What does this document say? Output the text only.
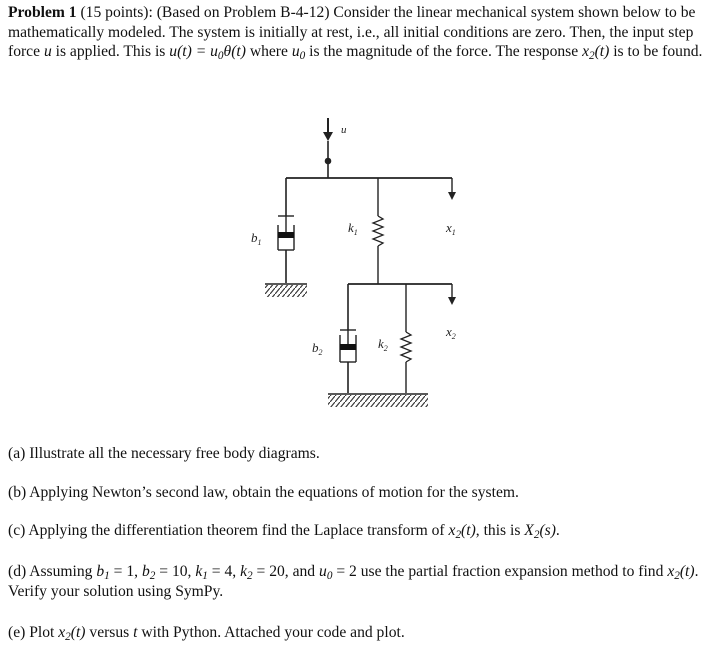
Problem 1 (15 points): (Based on Problem B-4-12) Consider the linear mechanical system shown below to be mathematically modeled. The system is initially at rest, i.e., all initial conditions are zero. Then, the input step force u is applied. This is $u(t) = u_0\theta(t)$ where $u_0$ is the magnitude of the force. The response $x_2(t)$ is to be found.
u
$x_1$
$b_1$
$k_1$
$x_2$
$b_2$
$k_2$
(a) Illustrate all the necessary free body diagrams.
(b) Applying Newton’s second law, obtain the equations of motion for the system.
(c) Applying the differentiation theorem find the Laplace transform of $x_2(t)$, this is $X_2(s)$.
(d) Assuming $b_1 = 1$, $b_2 = 10$, $k_1 = 4$, $k_2 = 20$, and $u_0 = 2$ use the partial fraction expansion method to find $x_2(t)$. Verify your solution using SymPy.
(e) Plot $x_2(t)$ versus t with Python. Attached your code and plot.
